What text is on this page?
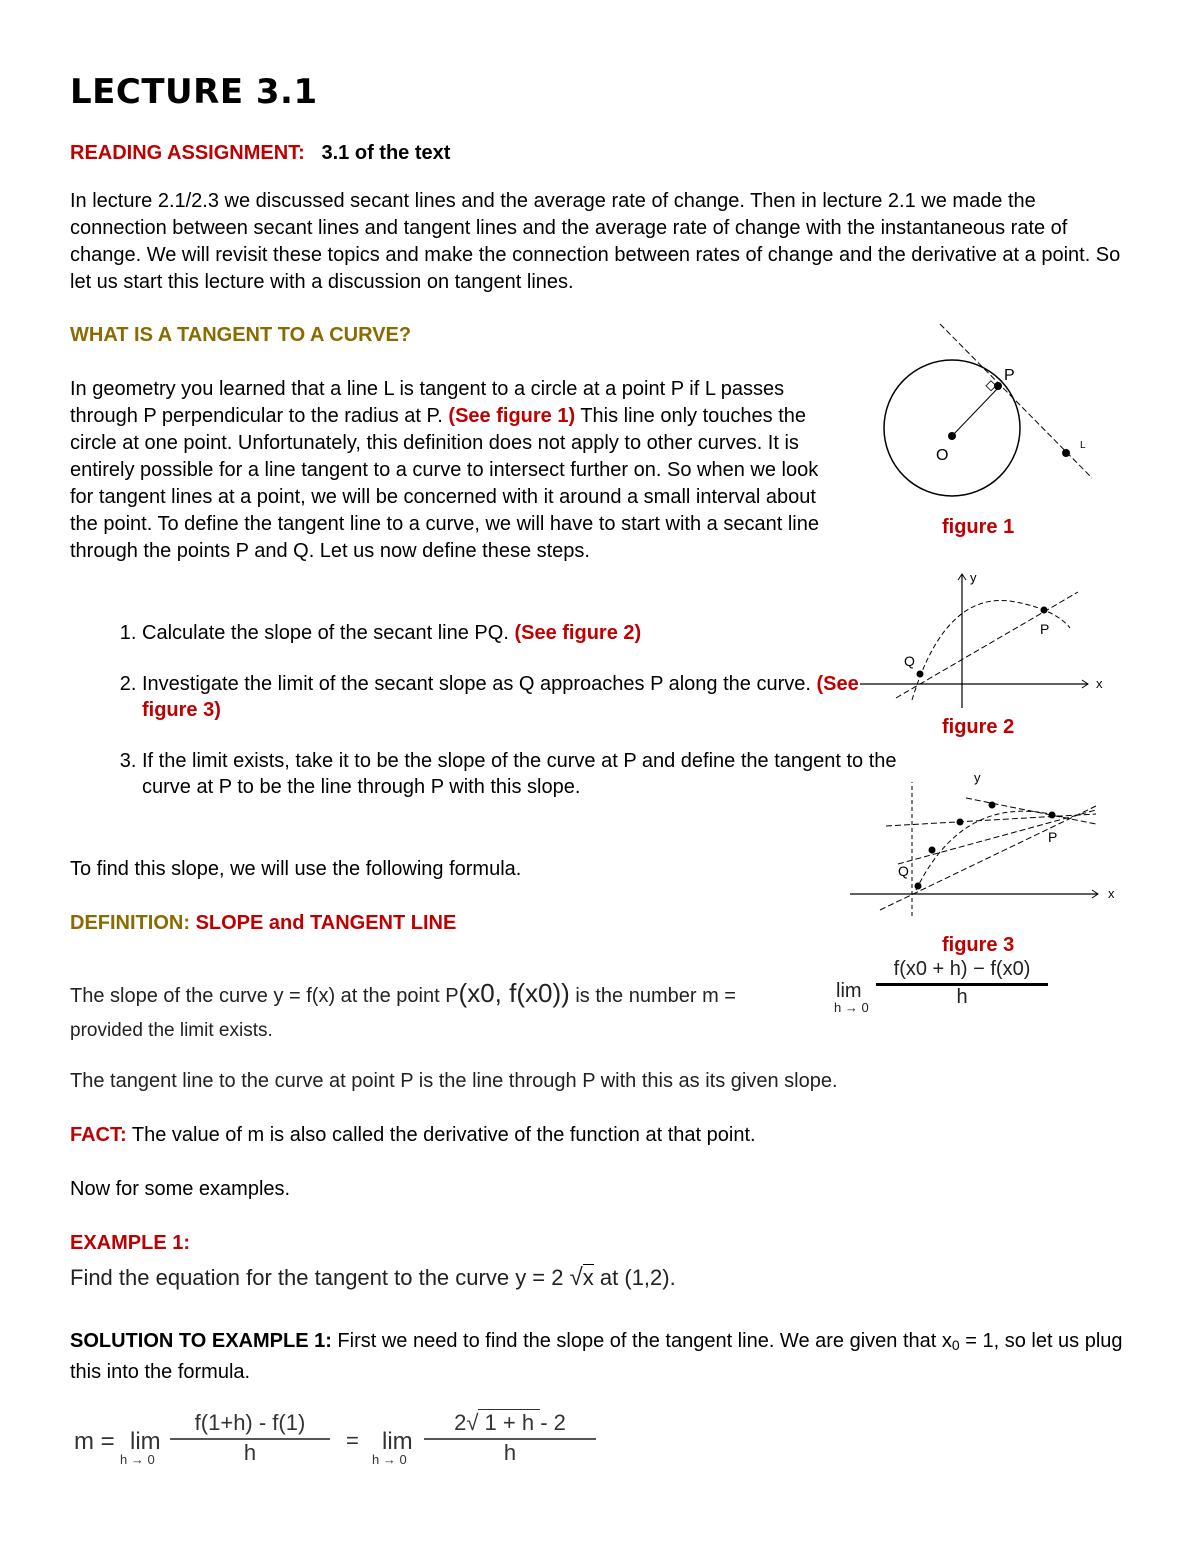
LECTURE 3.1
READING ASSIGNMENT: 3.1 of the text
In lecture 2.1/2.3 we discussed secant lines and the average rate of change. Then in lecture 2.1 we made the connection between secant lines and tangent lines and the average rate of change with the instantaneous rate of change. We will revisit these topics and make the connection between rates of change and the derivative at a point. So let us start this lecture with a discussion on tangent lines.
WHAT IS A TANGENT TO A CURVE?
In geometry you learned that a line L is tangent to a circle at a point P if L passes through P perpendicular to the radius at P. (See figure 1) This line only touches the circle at one point. Unfortunately, this definition does not apply to other curves. It is entirely possible for a line tangent to a curve to intersect further on. So when we look for tangent lines at a point, we will be concerned with it around a small interval about the point. To define the tangent line to a curve, we will have to start with a secant line through the points P and Q. Let us now define these steps.
1. Calculate the slope of the secant line PQ. (See figure 2)
2. Investigate the limit of the secant slope as Q approaches P along the curve. (See figure 3)
3. If the limit exists, take it to be the slope of the curve at P and define the tangent to the curve at P to be the line through P with this slope.
To find this slope, we will use the following formula.
DEFINITION: SLOPE and TANGENT LINE
The slope of the curve y = f(x) at the point P(x0, f(x0)) is the number m =	lim
$h \to 0 \frac{f(x0 + h) - f(x0)}{h}$
provided the limit exists.
The tangent line to the curve at point P is the line through P with this as its given slope.
FACT: The value of m is also called the derivative of the function at that point.
Now for some examples.
EXAMPLE 1:
Find the equation for the tangent to the curve y = 2 √x at (1,2).
SOLUTION TO EXAMPLE 1: First we need to find the slope of the tangent line. We are given that $x_0 = 1$, so let us plug this into the formula.
m = lim
$h \to 0 \frac{f(1+h) - f(1)}{h} = \lim$
$h \to 0 \frac{2√ 1 + h - 2}{h}$
P
O
L
figure 1
Q
P
x
y
figure 2
Q
P
x
y
figure 3
